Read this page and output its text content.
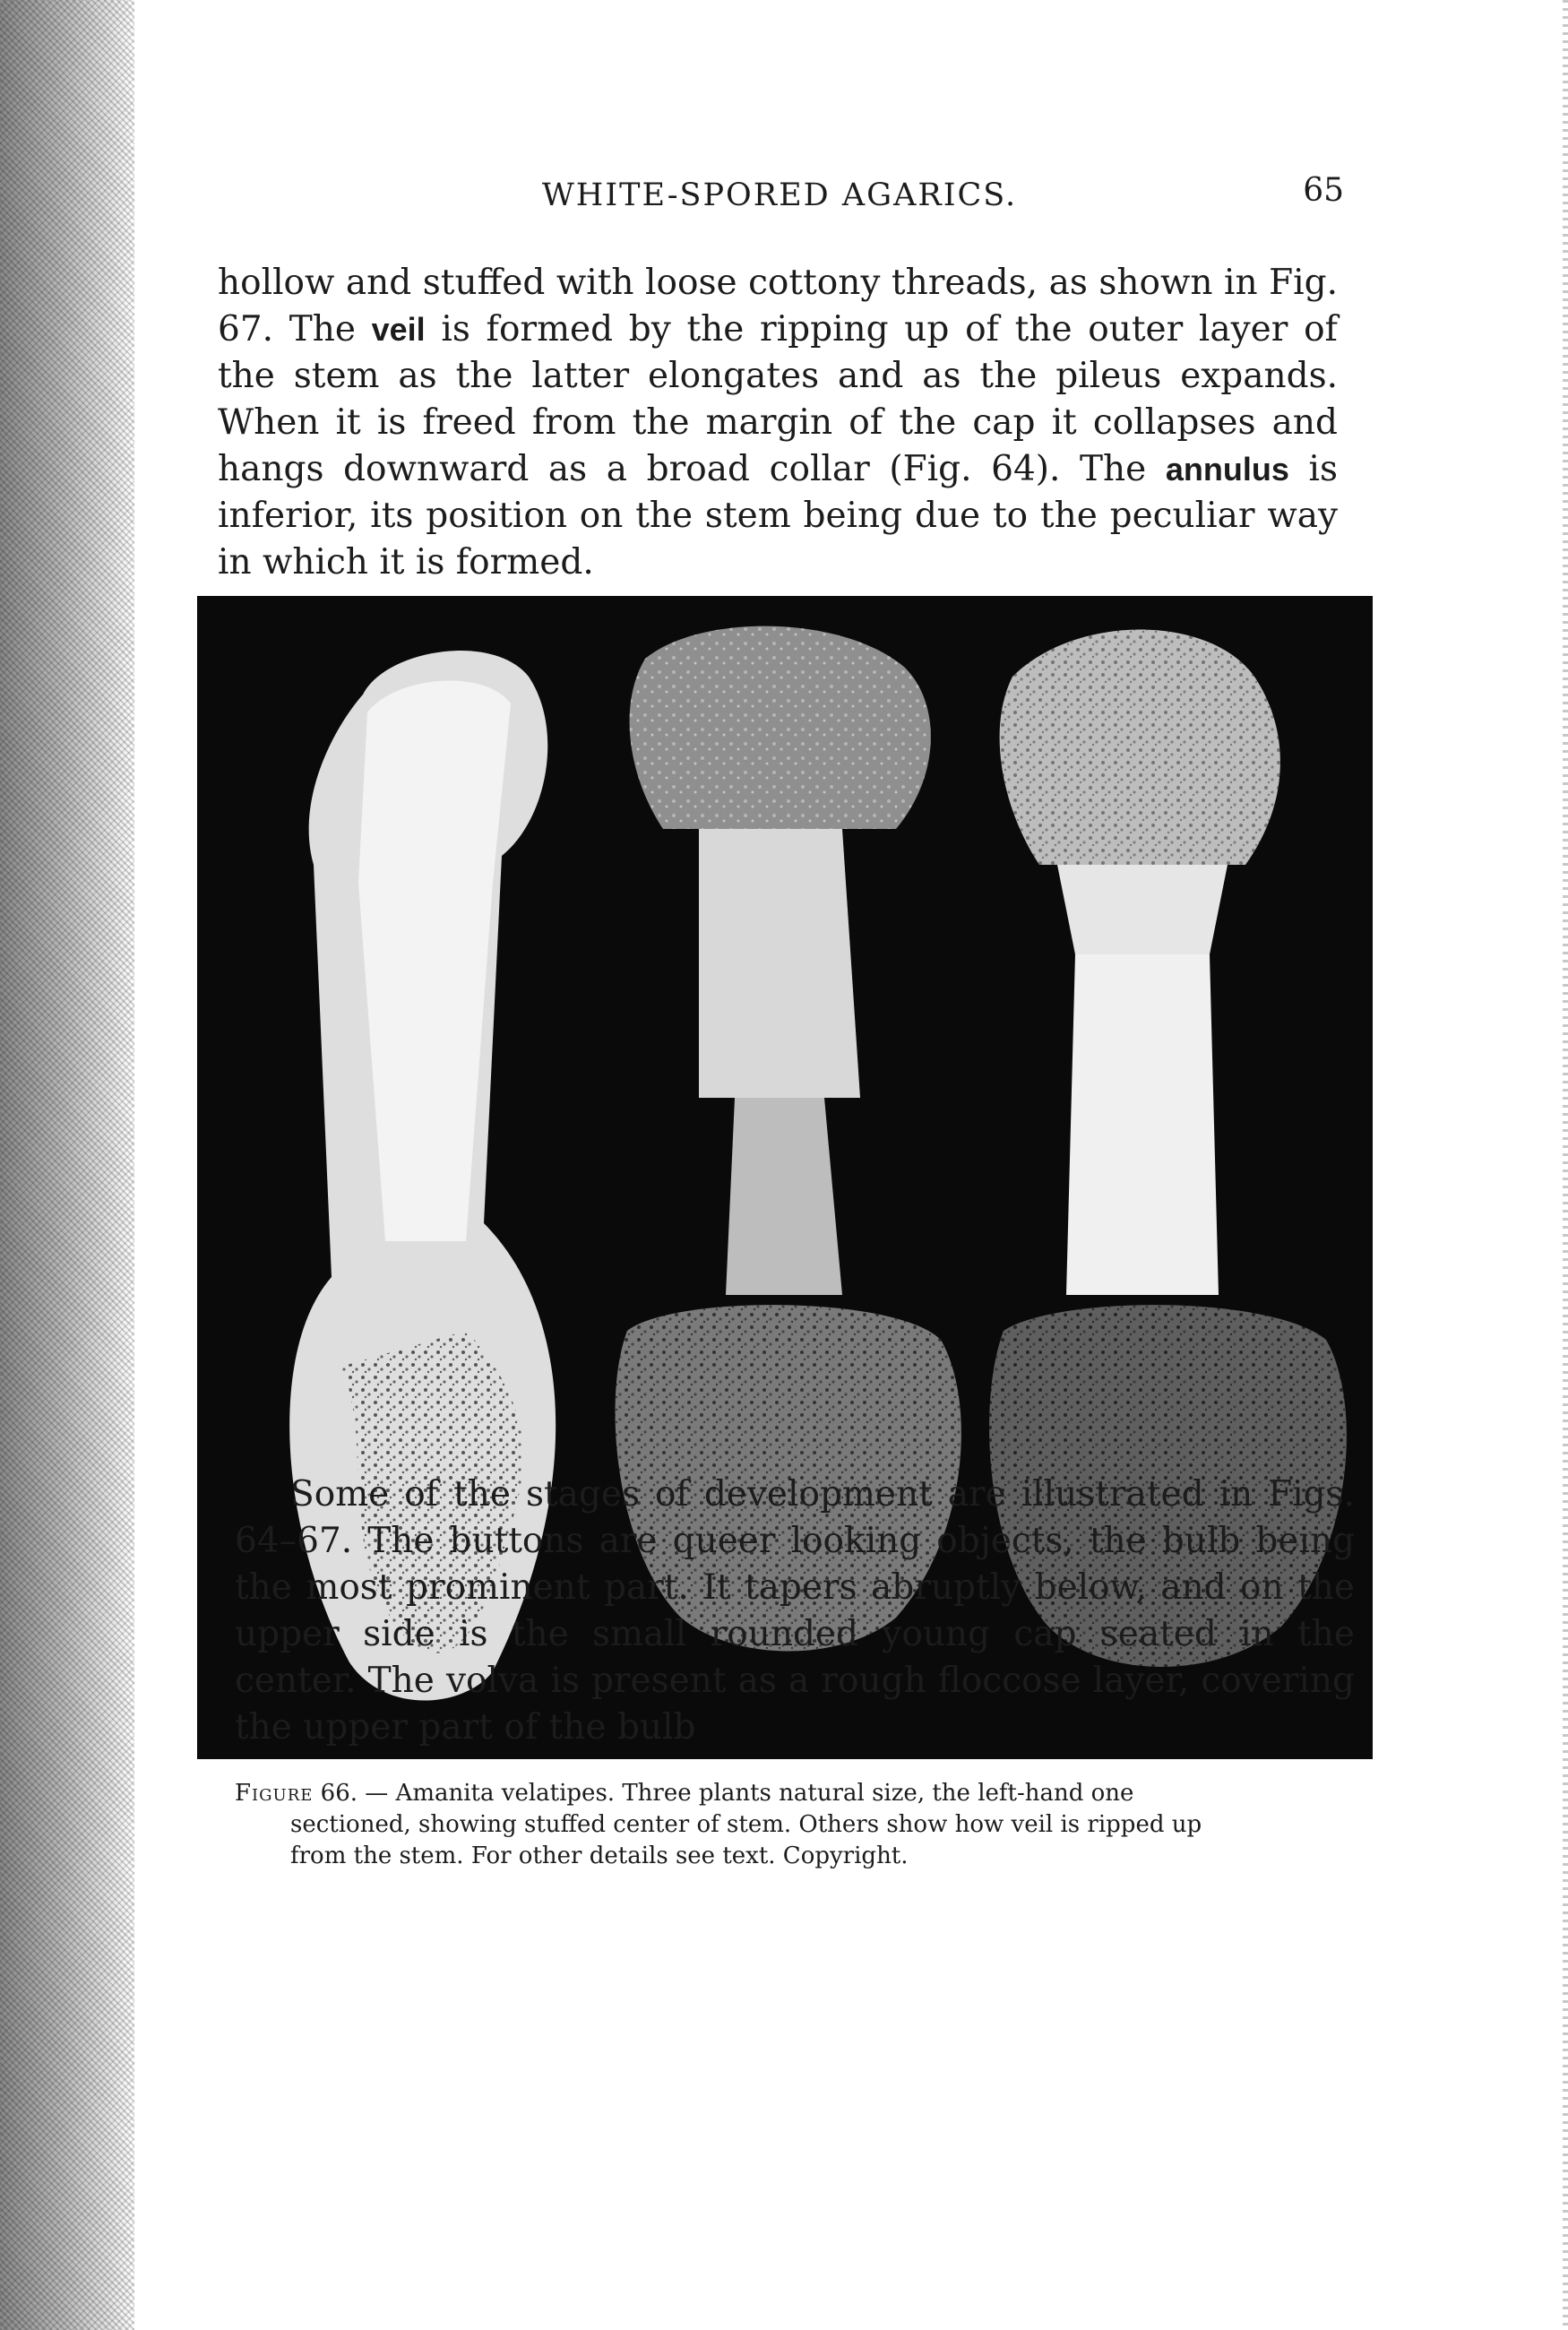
WHITE-SPORED AGARICS.	65

hollow and stuffed with loose cottony threads, as shown in Fig. 67. The veil is formed by the ripping up of the outer layer of the stem as the latter elongates and as the pileus expands. When it is freed from the margin of the cap it collapses and hangs downward as a broad collar (Fig. 64). The annulus is inferior, its position on the stem being due to the peculiar way in which it is formed.

Figure 66. — Amanita velatipes. Three plants natural size, the left-hand one
sectioned, showing stuffed center of stem. Others show how veil is ripped up
from the stem. For other details see text. Copyright.

Some of the stages of development are illustrated in Figs. 64–67. The buttons are queer looking objects, the bulb being the most prominent part. It tapers abruptly below, and on the upper side is the small rounded young cap seated in the center. The volva is present as a rough floccose layer, covering the upper part of the bulb
